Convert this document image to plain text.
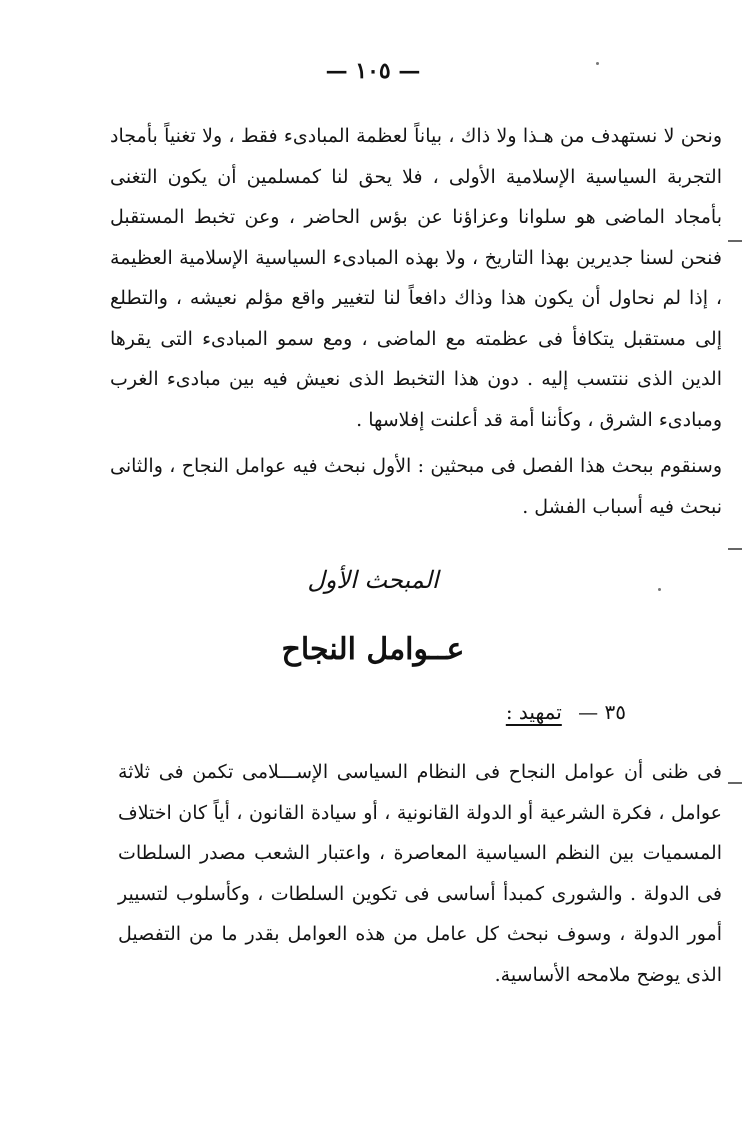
— ١٠٥ —
ونحن لا نستهدف من هـذا ولا ذاك ، بياناً لعظمة المبادىء فقط ، ولا تغنياً بأمجاد التجربة السياسية الإسلامية الأولى ، فلا يحق لنا كمسلمين أن يكون التغنى بأمجاد الماضى هو سلوانا وعزاؤنا عن بؤس الحاضر ، وعن تخبط المستقبل فنحن لسنا جديرين بهذا التاريخ ، ولا بهذه المبادىء السياسية الإسلامية العظيمة ، إذا لم نحاول أن يكون هذا وذاك دافعاً لنا لتغيير واقع مؤلم نعيشه ، والتطلع إلى مستقبل يتكافأ فى عظمته مع الماضى ، ومع سمو المبادىء التى يقرها الدين الذى ننتسب إليه . دون هذا التخبط الذى نعيش فيه بين مبادىء الغرب ومبادىء الشرق ، وكأننا أمة قد أعلنت إفلاسها .
وسنقوم ببحث هذا الفصل فى مبحثين : الأول نبحث فيه عوامل النجاح ، والثانى نبحث فيه أسباب الفشل .
المبحث الأول
عــوامل النجاح
٣٥ — تمهيد :
فى ظنى أن عوامل النجاح فى النظام السياسى الإســـلامى تكمن فى ثلاثة عوامل ، فكرة الشرعية أو الدولة القانونية ، أو سيادة القانون ، أياً كان اختلاف المسميات بين النظم السياسية المعاصرة ، واعتبار الشعب مصدر السلطات فى الدولة . والشورى كمبدأ أساسى فى تكوين السلطات ، وكأسلوب لتسيير أمور الدولة ، وسوف نبحث كل عامل من هذه العوامل بقدر ما من التفصيل الذى يوضح ملامحه الأساسية.
